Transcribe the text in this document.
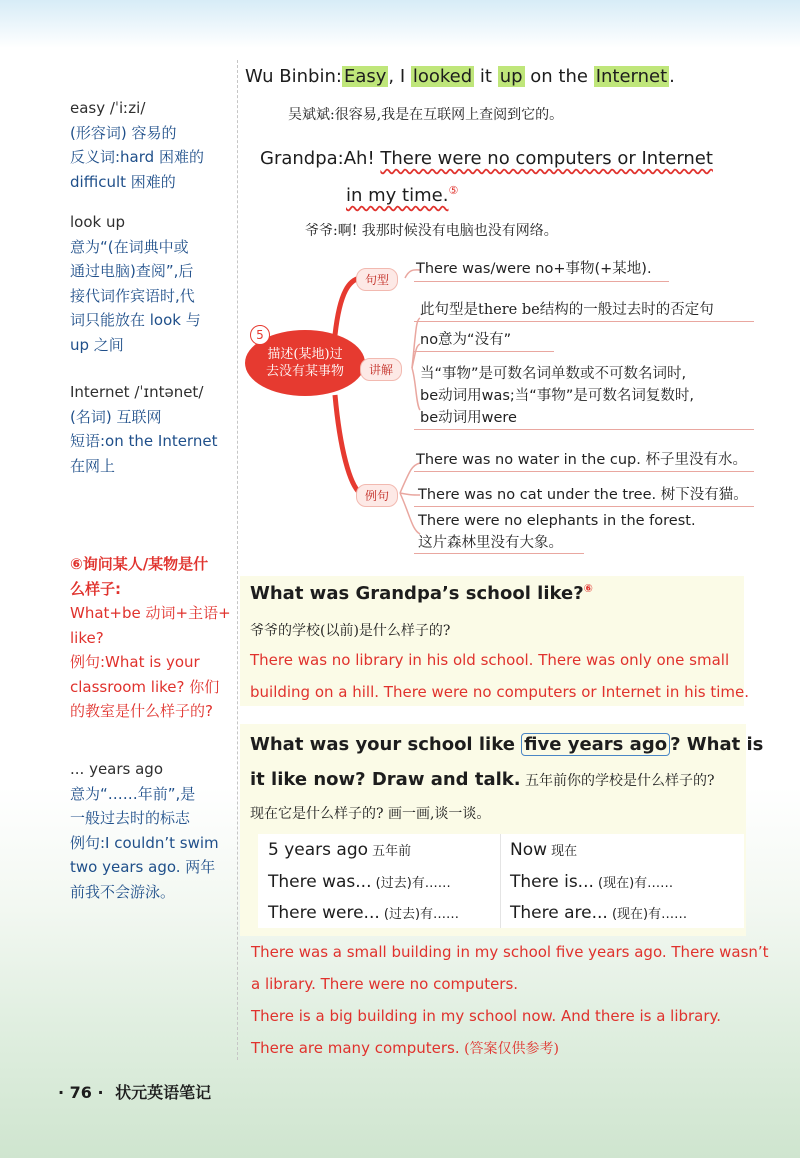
easy /ˈiːzi/
(形容词) 容易的
反义词:hard 困难的
difficult 困难的
look up
意为“(在词典中或
通过电脑)查阅”,后
接代词作宾语时,代
词只能放在 look 与
up 之间
Internet /ˈɪntənet/
(名词) 互联网
短语:on the Internet
在网上
⑥询问某人/某物是什
么样子:
What+be 动词+主语+
like?
例句:What is your
classroom like? 你们
的教室是什么样子的?
... years ago
意为“……年前”,是
一般过去时的标志
例句:I couldn’t swim
two years ago. 两年
前我不会游泳。
Wu Binbin: Easy , I looked it up on the Internet .
吴斌斌:很容易,我是在互联网上查阅到它的。
Grandpa:Ah! There were no computers or Internet
in my time.⑤
爷爷:啊! 我那时候没有电脑也没有网络。
描述(某地)过去没有某事物
5
句型
讲解
例句
There was/were no+事物(+某地).
此句型是there be结构的一般过去时的否定句
no意为“没有”
当“事物”是可数名词单数或不可数名词时,
be动词用was;当“事物”是可数名词复数时,
be动词用were
There was no water in the cup. 杯子里没有水。
There was no cat under the tree. 树下没有猫。
There were no elephants in the forest.
这片森林里没有大象。
What was Grandpa’s school like?⑥
爷爷的学校(以前)是什么样子的?
There was no library in his old school. There was only one small
building on a hill. There were no computers or Internet in his time.
What was your school like five years ago ? What is
it like now? Draw and talk. 五年前你的学校是什么样子的?
现在它是什么样子的? 画一画,谈一谈。
5 years ago 五年前
There was... (过去)有……
There were... (过去)有……
Now 现在
There is... (现在)有……
There are... (现在)有……
There was a small building in my school five years ago. There wasn’t
a library. There were no computers.
There is a big building in my school now. And there is a library.
There are many computers. (答案仅供参考)
· 76 · 状元英语笔记
